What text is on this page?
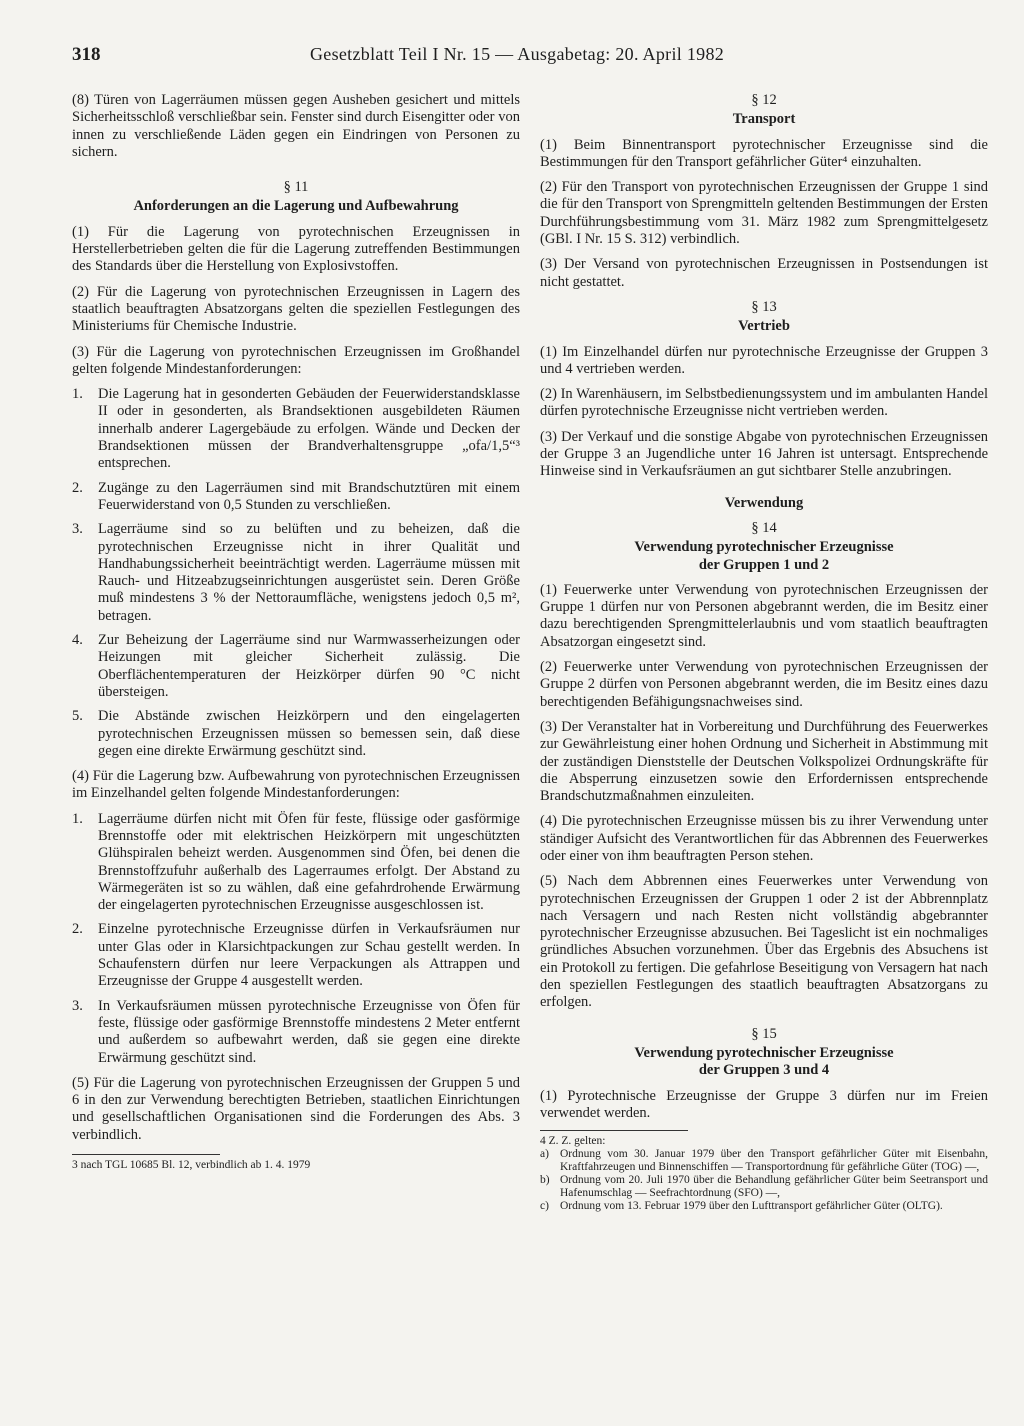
318	Gesetzblatt Teil I Nr. 15 — Ausgabetag: 20. April 1982

(8) Türen von Lagerräumen müssen gegen Ausheben gesichert und mittels Sicherheitsschloß verschließbar sein. Fenster sind durch Eisengitter oder von innen zu verschließende Läden gegen ein Eindringen von Personen zu sichern.

§ 11
Anforderungen an die Lagerung und Aufbewahrung

(1) Für die Lagerung von pyrotechnischen Erzeugnissen in Herstellerbetrieben gelten die für die Lagerung zutreffenden Bestimmungen des Standards über die Herstellung von Explosivstoffen.

(2) Für die Lagerung von pyrotechnischen Erzeugnissen in Lagern des staatlich beauftragten Absatzorgans gelten die speziellen Festlegungen des Ministeriums für Chemische Industrie.

(3) Für die Lagerung von pyrotechnischen Erzeugnissen im Großhandel gelten folgende Mindestanforderungen:

1.	Die Lagerung hat in gesonderten Gebäuden der Feuerwiderstandsklasse II oder in gesonderten, als Brandsektionen ausgebildeten Räumen innerhalb anderer Lagergebäude zu erfolgen. Wände und Decken der Brandsektionen müssen der Brandverhaltensgruppe „ofa/1,5“³ entsprechen.
2.	Zugänge zu den Lagerräumen sind mit Brandschutztüren mit einem Feuerwiderstand von 0,5 Stunden zu verschließen.
3.	Lagerräume sind so zu belüften und zu beheizen, daß die pyrotechnischen Erzeugnisse nicht in ihrer Qualität und Handhabungssicherheit beeinträchtigt werden. Lagerräume müssen mit Rauch- und Hitzeabzugseinrichtungen ausgerüstet sein. Deren Größe muß mindestens 3 % der Nettoraumfläche, wenigstens jedoch 0,5 m², betragen.
4.	Zur Beheizung der Lagerräume sind nur Warmwasserheizungen oder Heizungen mit gleicher Sicherheit zulässig. Die Oberflächentemperaturen der Heizkörper dürfen 90 °C nicht übersteigen.
5.	Die Abstände zwischen Heizkörpern und den eingelagerten pyrotechnischen Erzeugnissen müssen so bemessen sein, daß diese gegen eine direkte Erwärmung geschützt sind.

(4) Für die Lagerung bzw. Aufbewahrung von pyrotechnischen Erzeugnissen im Einzelhandel gelten folgende Mindestanforderungen:

1.	Lagerräume dürfen nicht mit Öfen für feste, flüssige oder gasförmige Brennstoffe oder mit elektrischen Heizkörpern mit ungeschützten Glühspiralen beheizt werden. Ausgenommen sind Öfen, bei denen die Brennstoffzufuhr außerhalb des Lagerraumes erfolgt. Der Abstand zu Wärmegeräten ist so zu wählen, daß eine gefahrdrohende Erwärmung der eingelagerten pyrotechnischen Erzeugnisse ausgeschlossen ist.
2.	Einzelne pyrotechnische Erzeugnisse dürfen in Verkaufsräumen nur unter Glas oder in Klarsichtpackungen zur Schau gestellt werden. In Schaufenstern dürfen nur leere Verpackungen als Attrappen und Erzeugnisse der Gruppe 4 ausgestellt werden.
3.	In Verkaufsräumen müssen pyrotechnische Erzeugnisse von Öfen für feste, flüssige oder gasförmige Brennstoffe mindestens 2 Meter entfernt und außerdem so aufbewahrt werden, daß sie gegen eine direkte Erwärmung geschützt sind.

(5) Für die Lagerung von pyrotechnischen Erzeugnissen der Gruppen 5 und 6 in den zur Verwendung berechtigten Betrieben, staatlichen Einrichtungen und gesellschaftlichen Organisationen sind die Forderungen des Abs. 3 verbindlich.

3 nach TGL 10685 Bl. 12, verbindlich ab 1. 4. 1979

§ 12
Transport

(1) Beim Binnentransport pyrotechnischer Erzeugnisse sind die Bestimmungen für den Transport gefährlicher Güter⁴ einzuhalten.

(2) Für den Transport von pyrotechnischen Erzeugnissen der Gruppe 1 sind die für den Transport von Sprengmitteln geltenden Bestimmungen der Ersten Durchführungsbestimmung vom 31. März 1982 zum Sprengmittelgesetz (GBl. I Nr. 15 S. 312) verbindlich.

(3) Der Versand von pyrotechnischen Erzeugnissen in Postsendungen ist nicht gestattet.

§ 13
Vertrieb

(1) Im Einzelhandel dürfen nur pyrotechnische Erzeugnisse der Gruppen 3 und 4 vertrieben werden.

(2) In Warenhäusern, im Selbstbedienungssystem und im ambulanten Handel dürfen pyrotechnische Erzeugnisse nicht vertrieben werden.

(3) Der Verkauf und die sonstige Abgabe von pyrotechnischen Erzeugnissen der Gruppe 3 an Jugendliche unter 16 Jahren ist untersagt. Entsprechende Hinweise sind in Verkaufsräumen an gut sichtbarer Stelle anzubringen.

Verwendung
§ 14
Verwendung pyrotechnischer Erzeugnisse
der Gruppen 1 und 2

(1) Feuerwerke unter Verwendung von pyrotechnischen Erzeugnissen der Gruppe 1 dürfen nur von Personen abgebrannt werden, die im Besitz einer dazu berechtigenden Sprengmittelerlaubnis und vom staatlich beauftragten Absatzorgan eingesetzt sind.

(2) Feuerwerke unter Verwendung von pyrotechnischen Erzeugnissen der Gruppe 2 dürfen von Personen abgebrannt werden, die im Besitz eines dazu berechtigenden Befähigungsnachweises sind.

(3) Der Veranstalter hat in Vorbereitung und Durchführung des Feuerwerkes zur Gewährleistung einer hohen Ordnung und Sicherheit in Abstimmung mit der zuständigen Dienststelle der Deutschen Volkspolizei Ordnungskräfte für die Absperrung einzusetzen sowie den Erfordernissen entsprechende Brandschutzmaßnahmen einzuleiten.

(4) Die pyrotechnischen Erzeugnisse müssen bis zu ihrer Verwendung unter ständiger Aufsicht des Verantwortlichen für das Abbrennen des Feuerwerkes oder einer von ihm beauftragten Person stehen.

(5) Nach dem Abbrennen eines Feuerwerkes unter Verwendung von pyrotechnischen Erzeugnissen der Gruppen 1 oder 2 ist der Abbrennplatz nach Versagern und nach Resten nicht vollständig abgebrannter pyrotechnischer Erzeugnisse abzusuchen. Bei Tageslicht ist ein nochmaliges gründliches Absuchen vorzunehmen. Über das Ergebnis des Absuchens ist ein Protokoll zu fertigen. Die gefahrlose Beseitigung von Versagern hat nach den speziellen Festlegungen des staatlich beauftragten Absatzorgans zu erfolgen.

§ 15
Verwendung pyrotechnischer Erzeugnisse
der Gruppen 3 und 4

(1) Pyrotechnische Erzeugnisse der Gruppe 3 dürfen nur im Freien verwendet werden.

4 Z. Z. gelten:

a) Ordnung vom 30. Januar 1979 über den Transport gefährlicher Güter mit Eisenbahn, Kraftfahrzeugen und Binnenschiffen — Transportordnung für gefährliche Güter (TOG) —,
b) Ordnung vom 20. Juli 1970 über die Behandlung gefährlicher Güter beim Seetransport und Hafenumschlag — Seefrachtordnung (SFO) —,
c) Ordnung vom 13. Februar 1979 über den Lufttransport gefährlicher Güter (OLTG).
